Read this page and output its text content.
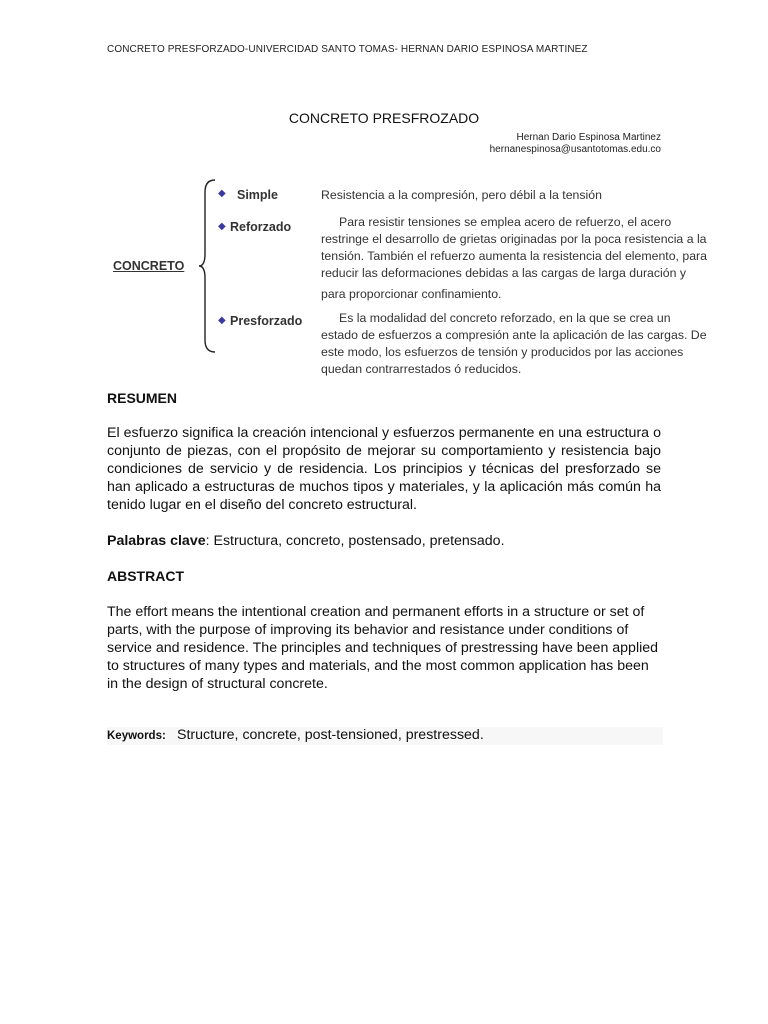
CONCRETO PRESFORZADO-UNIVERCIDAD SANTO TOMAS- HERNAN DARIO ESPINOSA MARTINEZ
CONCRETO PRESFROZADO
Hernan Dario Espinosa Martinez
hernanespinosa@usantotomas.edu.co
CONCRETO
◆ Simple	Resistencia a la compresión, pero débil a la tensión
◆ Reforzado	Para resistir tensiones se emplea acero de refuerzo, el acero
restringe el desarrollo de grietas originadas por la poca resistencia a la
tensión. También el refuerzo aumenta la resistencia del elemento, para
reducir las deformaciones debidas a las cargas de larga duración y
para proporcionar confinamiento.
◆ Presforzado	Es la modalidad del concreto reforzado, en la que se crea un
estado de esfuerzos a compresión ante la aplicación de las cargas. De
este modo, los esfuerzos de tensión y producidos por las acciones
quedan contrarrestados ó reducidos.
RESUMEN
El esfuerzo significa la creación intencional y esfuerzos permanente en una estructura o conjunto de piezas, con el propósito de mejorar su comportamiento y resistencia bajo condiciones de servicio y de residencia. Los principios y técnicas del presforzado se han aplicado a estructuras de muchos tipos y materiales, y la aplicación más común ha tenido lugar en el diseño del concreto estructural.
Palabras clave: Estructura, concreto, postensado, pretensado.
ABSTRACT
The effort means the intentional creation and permanent efforts in a structure or set of parts, with the purpose of improving its behavior and resistance under conditions of service and residence. The principles and techniques of prestressing have been applied to structures of many types and materials, and the most common application has been in the design of structural concrete.
Keywords: Structure, concrete, post-tensioned, prestressed.
